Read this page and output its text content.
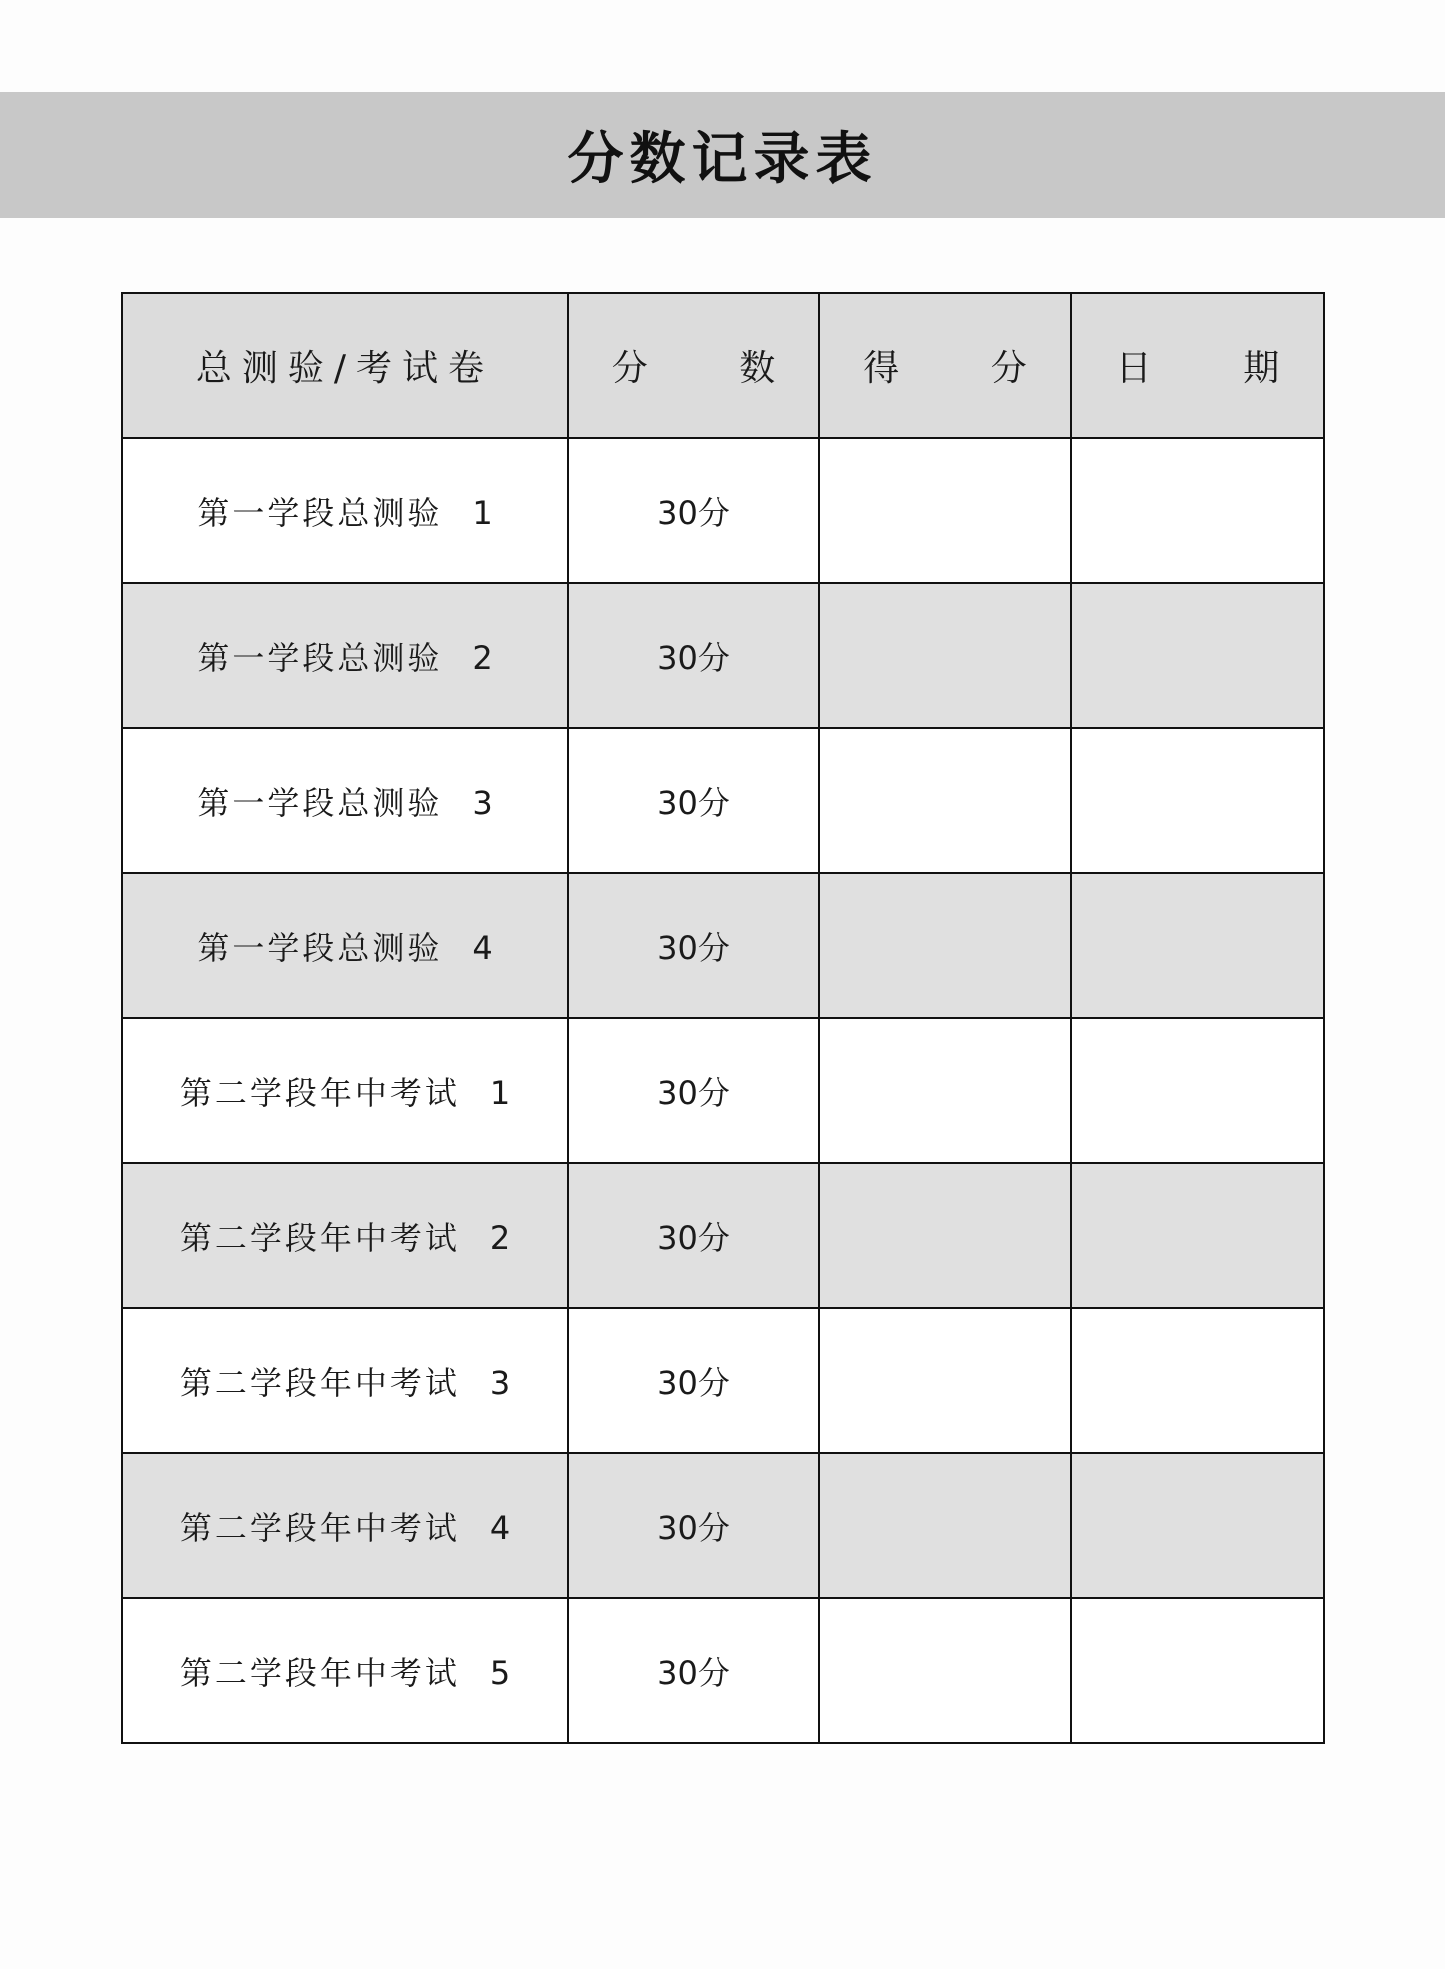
分数记录表
总测验/考试卷	分 数	得 分	日 期
第一学段总测验 1	30分		
第一学段总测验 2	30分		
第一学段总测验 3	30分		
第一学段总测验 4	30分		
第二学段年中考试 1	30分		
第二学段年中考试 2	30分		
第二学段年中考试 3	30分		
第二学段年中考试 4	30分		
第二学段年中考试 5	30分		
